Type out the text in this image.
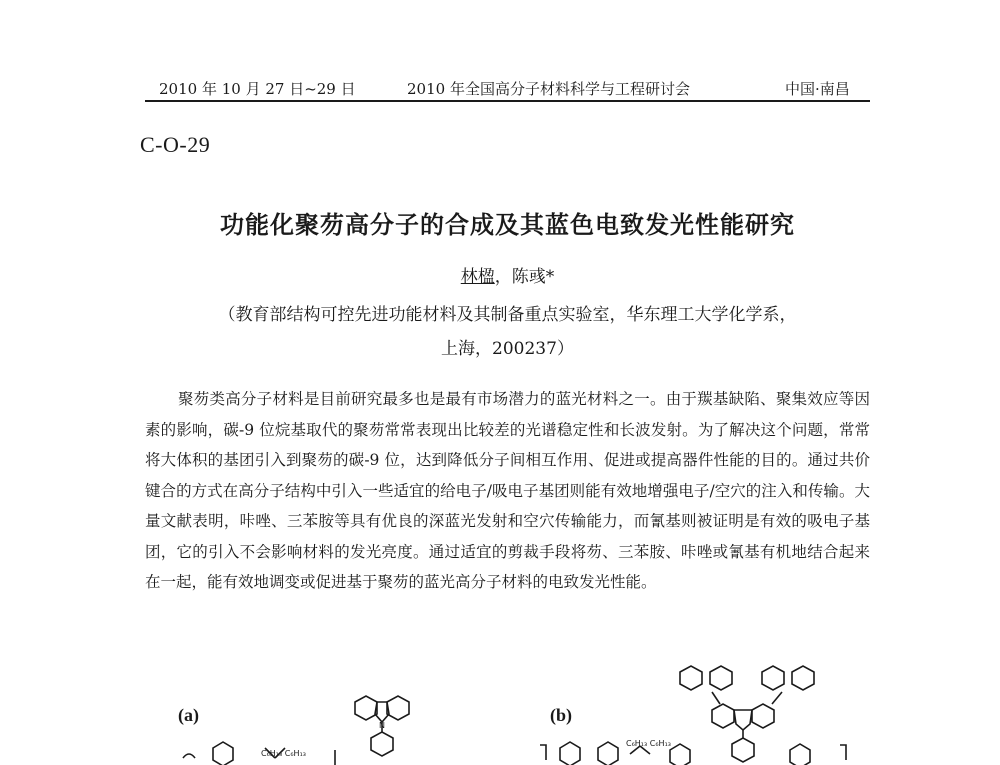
2010 年 10 月 27 日~29 日	2010 年全国高分子材料科学与工程研讨会	中国·南昌
C-O-29
功能化聚芴高分子的合成及其蓝色电致发光性能研究
林楹，陈彧*
（教育部结构可控先进功能材料及其制备重点实验室，华东理工大学化学系，
上海，200237）

聚芴类高分子材料是目前研究最多也是最有市场潜力的蓝光材料之一。由于羰基缺陷、聚集效应等因素的影响，碳-9 位烷基取代的聚芴常常表现出比较差的光谱稳定性和长波发射。为了解决这个问题，常常将大体积的基团引入到聚芴的碳-9 位，达到降低分子间相互作用、促进或提高器件性能的目的。通过共价键合的方式在高分子结构中引入一些适宜的给电子/吸电子基团则能有效地增强电子/空穴的注入和传输。大量文献表明，咔唑、三苯胺等具有优良的深蓝光发射和空穴传输能力，而氰基则被证明是有效的吸电子基团，它的引入不会影响材料的发光亮度。通过适宜的剪裁手段将芴、三苯胺、咔唑或氰基有机地结合起来在一起，能有效地调变或促进基于聚芴的蓝光高分子材料的电致发光性能。

(a)
C₆H₁₃ C₆H₁₃
N
(b)
C₆H₁₃ C₆H₁₃
